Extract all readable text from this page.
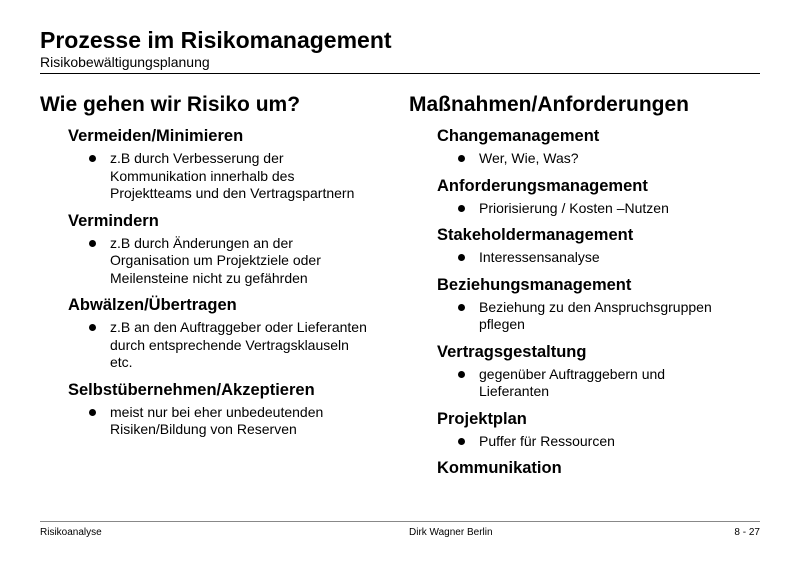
Prozesse im Risikomanagement
Risikobewältigungsplanung
Wie gehen wir Risiko um?
Vermeiden/Minimieren
z.B durch Verbesserung der
Kommunikation innerhalb des
Projektteams und den Vertragspartnern
Vermindern
z.B durch Änderungen an der
Organisation um Projektziele oder
Meilensteine nicht zu gefährden
Abwälzen/Übertragen
z.B an den Auftraggeber oder Lieferanten
durch entsprechende Vertragsklauseln
etc.
Selbstübernehmen/Akzeptieren
meist nur bei eher unbedeutenden
Risiken/Bildung von Reserven
Maßnahmen/Anforderungen
Changemanagement
Wer, Wie, Was?
Anforderungsmanagement
Priorisierung / Kosten –Nutzen
Stakeholdermanagement
Interessensanalyse
Beziehungsmanagement
Beziehung zu den Anspruchsgruppen
pflegen
Vertragsgestaltung
gegenüber Auftraggebern und
Lieferanten
Projektplan
Puffer für Ressourcen
Kommunikation
Risikoanalyse	Dirk Wagner Berlin	8 - 27
